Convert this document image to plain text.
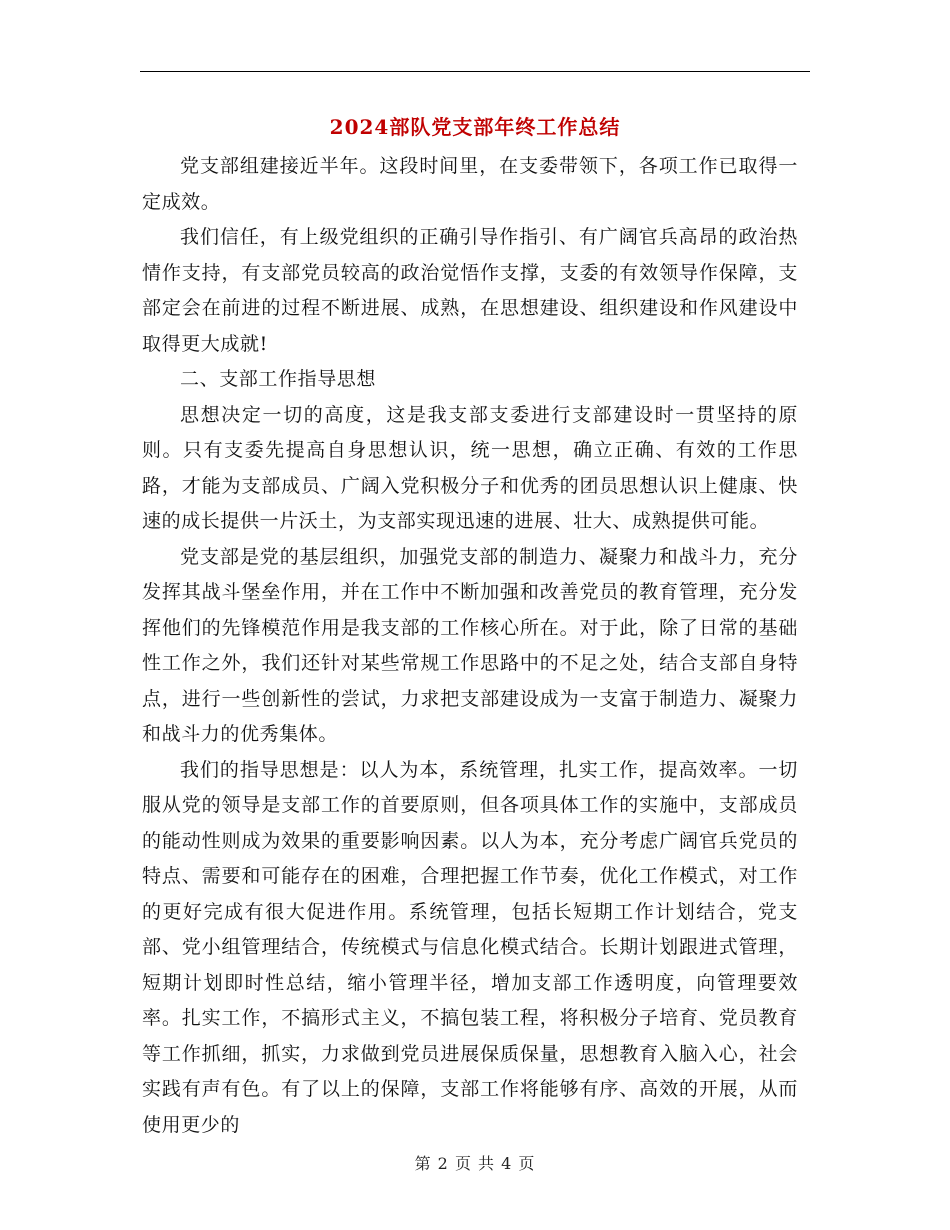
2024部队党支部年终工作总结

党支部组建接近半年。这段时间里，在支委带领下，各项工作已取得一定成效。

我们信任，有上级党组织的正确引导作指引、有广阔官兵高昂的政治热情作支持，有支部党员较高的政治觉悟作支撑，支委的有效领导作保障，支部定会在前进的过程不断进展、成熟，在思想建设、组织建设和作风建设中取得更大成就!

二、支部工作指导思想

思想决定一切的高度，这是我支部支委进行支部建设时一贯坚持的原则。只有支委先提高自身思想认识，统一思想，确立正确、有效的工作思路，才能为支部成员、广阔入党积极分子和优秀的团员思想认识上健康、快速的成长提供一片沃土，为支部实现迅速的进展、壮大、成熟提供可能。

党支部是党的基层组织，加强党支部的制造力、凝聚力和战斗力，充分发挥其战斗堡垒作用，并在工作中不断加强和改善党员的教育管理，充分发挥他们的先锋模范作用是我支部的工作核心所在。对于此，除了日常的基础性工作之外，我们还针对某些常规工作思路中的不足之处，结合支部自身特点，进行一些创新性的尝试，力求把支部建设成为一支富于制造力、凝聚力和战斗力的优秀集体。

我们的指导思想是：以人为本，系统管理，扎实工作，提高效率。一切服从党的领导是支部工作的首要原则，但各项具体工作的实施中，支部成员的能动性则成为效果的重要影响因素。以人为本，充分考虑广阔官兵党员的特点、需要和可能存在的困难，合理把握工作节奏，优化工作模式，对工作的更好完成有很大促进作用。系统管理，包括长短期工作计划结合，党支部、党小组管理结合，传统模式与信息化模式结合。长期计划跟进式管理，短期计划即时性总结，缩小管理半径，增加支部工作透明度，向管理要效率。扎实工作，不搞形式主义，不搞包装工程，将积极分子培育、党员教育等工作抓细，抓实，力求做到党员进展保质保量，思想教育入脑入心，社会实践有声有色。有了以上的保障，支部工作将能够有序、高效的开展，从而使用更少的

第 2 页 共 4 页
